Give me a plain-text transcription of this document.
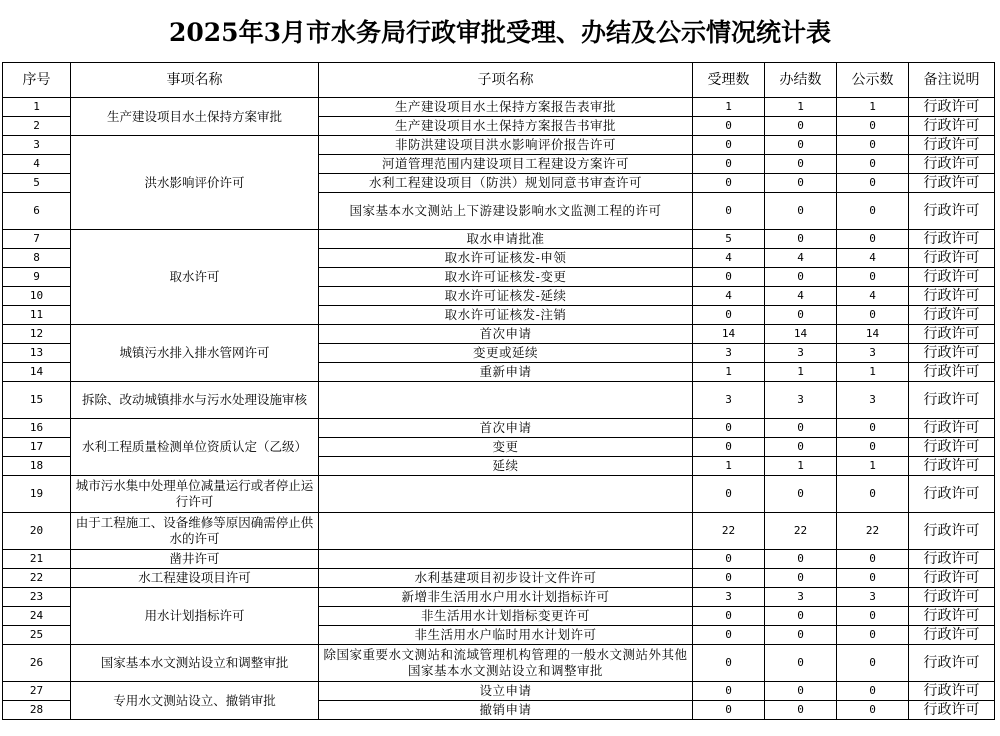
2025年3月市水务局行政审批受理、办结及公示情况统计表
序号	事项名称	子项名称	受理数	办结数	公示数	备注说明
1	生产建设项目水土保持方案审批	生产建设项目水土保持方案报告表审批	1	1	1	行政许可
2		生产建设项目水土保持方案报告书审批	0	0	0	行政许可
3	洪水影响评价许可	非防洪建设项目洪水影响评价报告许可	0	0	0	行政许可
4		河道管理范围内建设项目工程建设方案许可	0	0	0	行政许可
5		水利工程建设项目（防洪）规划同意书审查许可	0	0	0	行政许可
6		国家基本水文测站上下游建设影响水文监测工程的许可	0	0	0	行政许可
7	取水许可	取水申请批准	5	0	0	行政许可
8		取水许可证核发-申领	4	4	4	行政许可
9		取水许可证核发-变更	0	0	0	行政许可
10		取水许可证核发-延续	4	4	4	行政许可
11		取水许可证核发-注销	0	0	0	行政许可
12	城镇污水排入排水管网许可	首次申请	14	14	14	行政许可
13		变更或延续	3	3	3	行政许可
14		重新申请	1	1	1	行政许可
15	拆除、改动城镇排水与污水处理设施审核		3	3	3	行政许可
16	水利工程质量检测单位资质认定（乙级）	首次申请	0	0	0	行政许可
17		变更	0	0	0	行政许可
18		延续	1	1	1	行政许可
19	城市污水集中处理单位减量运行或者停止运行许可		0	0	0	行政许可
20	由于工程施工、设备维修等原因确需停止供水的许可		22	22	22	行政许可
21	凿井许可		0	0	0	行政许可
22	水工程建设项目许可	水利基建项目初步设计文件许可	0	0	0	行政许可
23	用水计划指标许可	新增非生活用水户用水计划指标许可	3	3	3	行政许可
24		非生活用水计划指标变更许可	0	0	0	行政许可
25		非生活用水户临时用水计划许可	0	0	0	行政许可
26	国家基本水文测站设立和调整审批	除国家重要水文测站和流域管理机构管理的一般水文测站外其他国家基本水文测站设立和调整审批	0	0	0	行政许可
27	专用水文测站设立、撤销审批	设立申请	0	0	0	行政许可
28		撤销申请	0	0	0	行政许可
